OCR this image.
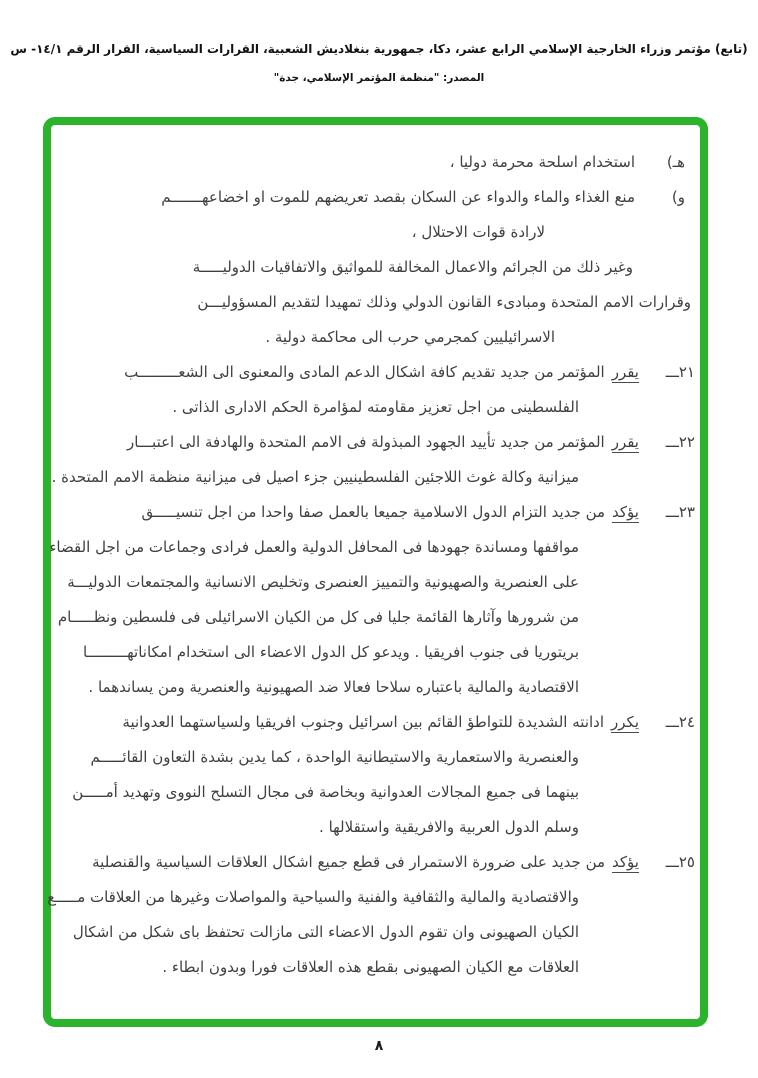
(تابع) مؤتمر وزراء الخارجية الإسلامي الرابع عشر، دكا، جمهورية بنغلاديش الشعبية، القرارات السياسية، القرار الرقم ١٤/١- س
المصدر: "منظمة المؤتمر الإسلامي، جدة"
هـ)استخدام اسلحة محرمة دوليا ،
و)منع الغذاء والماء والدواء عن السكان بقصد تعريضهم للموت او اخضاعهـــــــم
لارادة قوات الاحتلال ،
وغير ذلك من الجرائم والاعمال المخالفة للمواثيق والاتفاقيات الدوليـــــة
وقرارات الامم المتحدة ومبادىء القانون الدولي وذلك تمهيدا لتقديم المسؤوليـــن
الاسرائيليين كمجرمي حرب الى محاكمة دولية .
٢١ـــيقررالمؤتمر من جديد تقديم كافة اشكال الدعم المادى والمعنوى الى الشعـــــــــب
الفلسطينى من اجل تعزيز مقاومته لمؤامرة الحكم الادارى الذاتى .
٢٢ـــيقررالمؤتمر من جديد تأييد الجهود المبذولة فى الامم المتحدة والهادفة الى اعتبـــار
ميزانية وكالة غوث اللاجئين الفلسطينيين جزء اصيل فى ميزانية منظمة الامم المتحدة .
٢٣ـــيؤكدمن جديد التزام الدول الاسلامية جميعا بالعمل صفا واحدا من اجل تنسيـــــق
مواقفها ومساندة جهودها فى المحافل الدولية والعمل فرادى وجماعات من اجل القضاء
على العنصرية والصهيونية والتمييز العنصرى وتخليص الانسانية والمجتمعات الدوليـــة
من شرورها وآثارها القائمة جليا فى كل من الكيان الاسرائيلى فى فلسطين ونظـــــام
بريتوريا فى جنوب افريقيا . ويدعو كل الدول الاعضاء الى استخدام امكاناتهـــــــــا
الاقتصادية والمالية باعتباره سلاحا فعالا ضد الصهيونية والعنصرية ومن يساندهما .
٢٤ـــيكررادانته الشديدة للتواطؤ القائم بين اسرائيل وجنوب افريقيا ولسياستهما العدوانية
والعنصرية والاستعمارية والاستيطانية الواحدة ، كما يدين بشدة التعاون القائـــــم
بينهما فى جميع المجالات العدوانية وبخاصة فى مجال التسلح النووى وتهديد أمـــــن
وسلم الدول العربية والافريقية واستقلالها .
٢٥ـــيؤكدمن جديد على ضرورة الاستمرار فى قطع جميع اشكال العلاقات السياسية والقنصلية
والاقتصادية والمالية والثقافية والفنية والسياحية والمواصلات وغيرها من العلاقات مـــــع
الكيان الصهيونى وان تقوم الدول الاعضاء التى مازالت تحتفظ باى شكل من اشكال
العلاقات مع الكيان الصهيونى بقطع هذه العلاقات فورا وبدون ابطاء .
٨
